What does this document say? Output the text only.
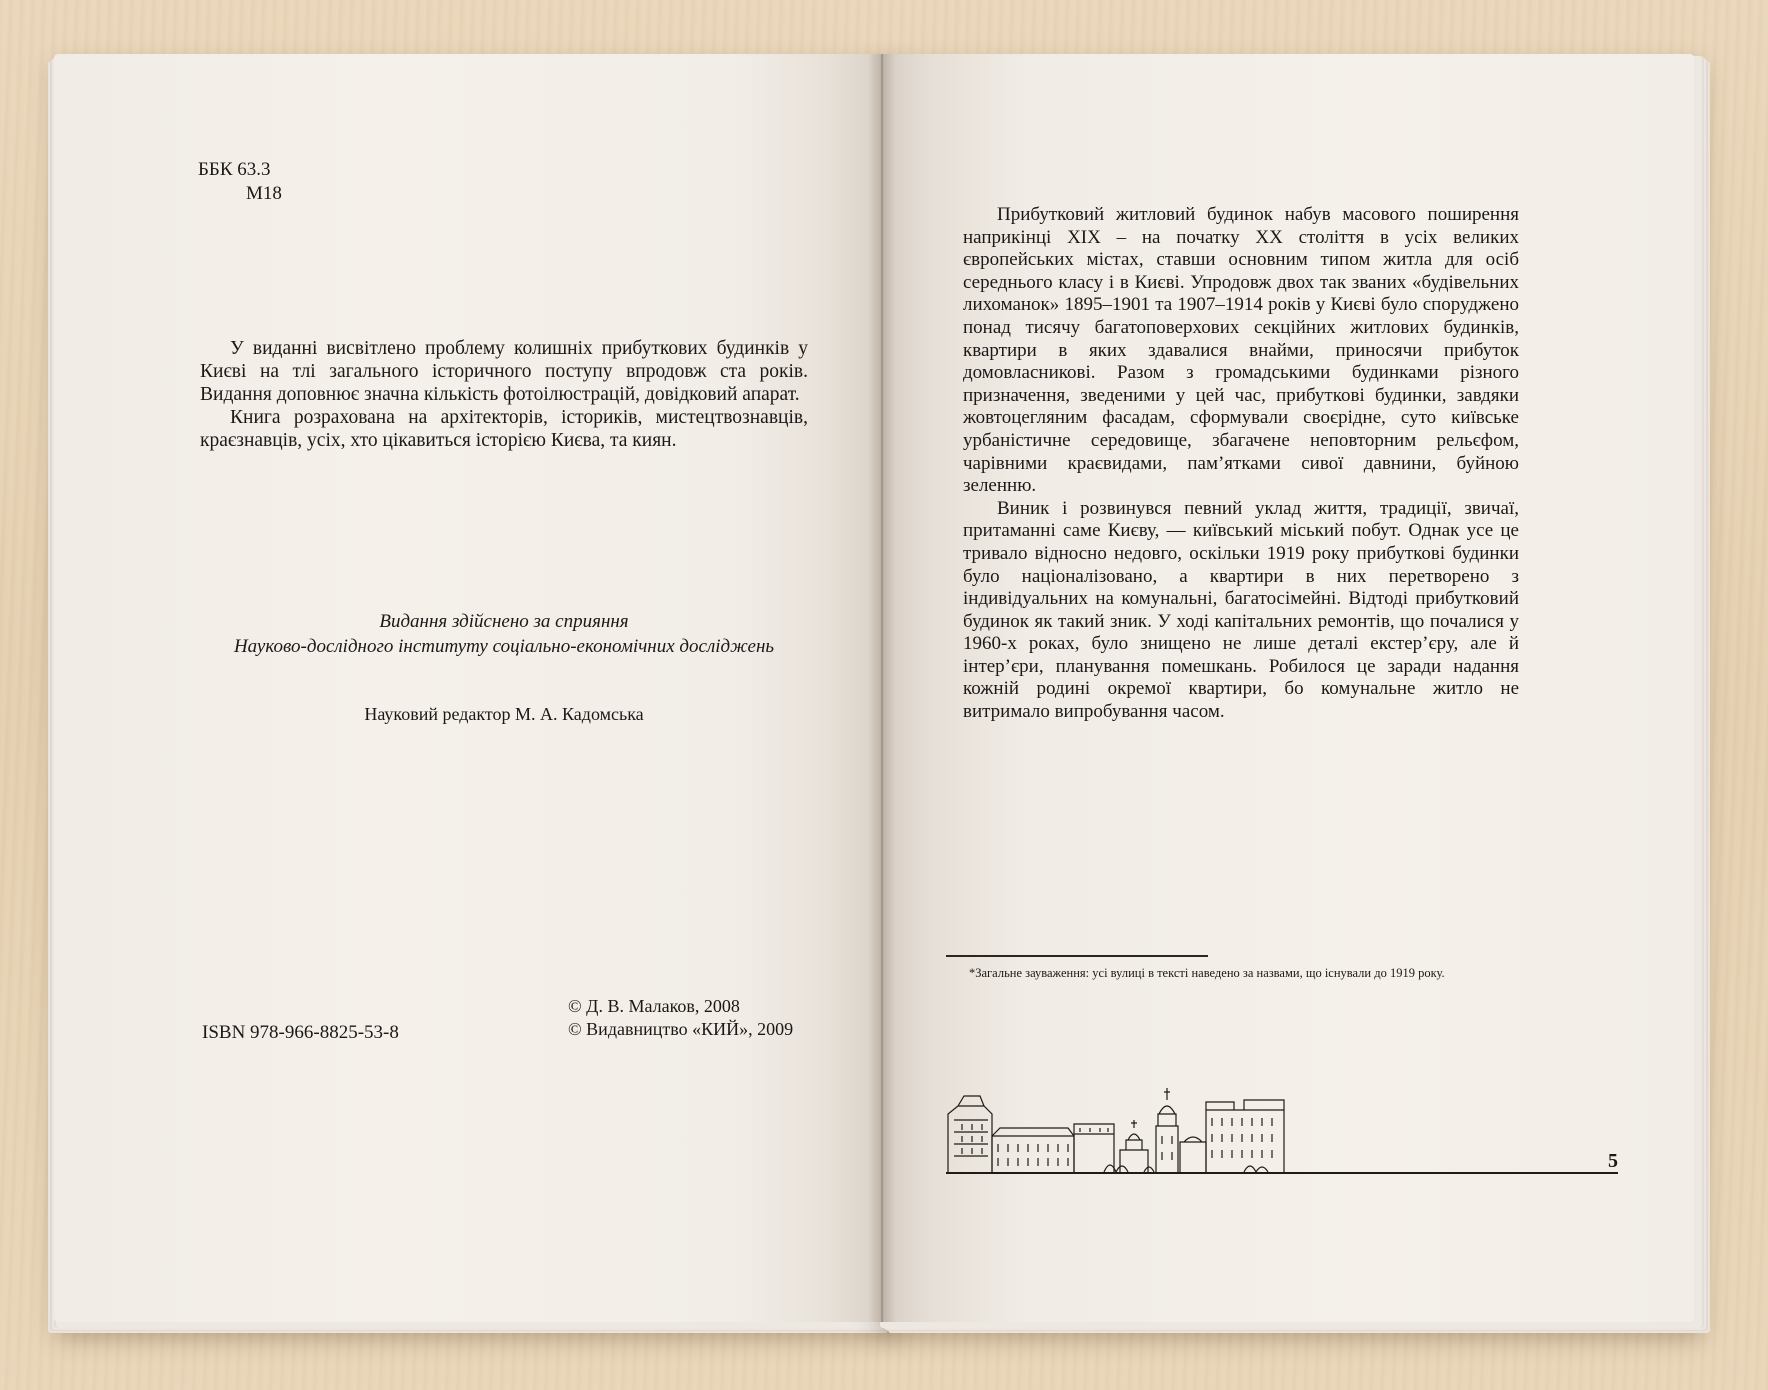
ББК 63.3
М18

У виданні висвітлено проблему колишніх прибуткових будинків у Києві на тлі загального історичного поступу впродовж ста років. Видання доповнює значна кількість фотоілюстрацій, довідковий апарат.

Книга розрахована на архітекторів, істориків, мистецтвознавців, краєзнавців, усіх, хто цікавиться історією Києва, та киян.

Видання здійснено за сприяння
Науково-дослідного інституту соціально-економічних досліджень
Науковий редактор М. А. Кадомська
ISBN 978-966-8825-53-8
© Д. В. Малаков, 2008
© Видавництво «КИЙ», 2009

Прибутковий житловий будинок набув масового поширення наприкінці XIX – на початку XX століття в усіх великих європейських містах, ставши основним типом житла для осіб середнього класу і в Києві. Упродовж двох так званих «будівельних лихоманок» 1895–1901 та 1907–1914 років у Києві було споруджено понад тисячу багатоповерхових секційних житлових будинків, квартири в яких здавалися внайми, приносячи прибуток домовласникові. Разом з громадськими будинками різного призначення, зведеними у цей час, прибуткові будинки, завдяки жовтоцегляним фасадам, сформували своєрідне, суто київське урбаністичне середовище, збагачене неповторним рельєфом, чарівними краєвидами, пам’ятками сивої давнини, буйною зеленню.

Виник і розвинувся певний уклад життя, традиції, звичаї, притаманні саме Києву, — київський міський побут. Однак усе це тривало відносно недовго, оскільки 1919 року прибуткові будинки було націоналізовано, а квартири в них перетворено з індивідуальних на комунальні, багатосімейні. Відтоді прибутковий будинок як такий зник. У ході капітальних ремонтів, що почалися у 1960-х роках, було знищено не лише деталі екстер’єру, але й інтер’єри, планування помешкань. Робилося це заради надання кожній родині окремої квартири, бо комунальне житло не витримало випробування часом.

*Загальне зауваження: усі вулиці в тексті наведено за назвами, що існували до 1919 року.
5
